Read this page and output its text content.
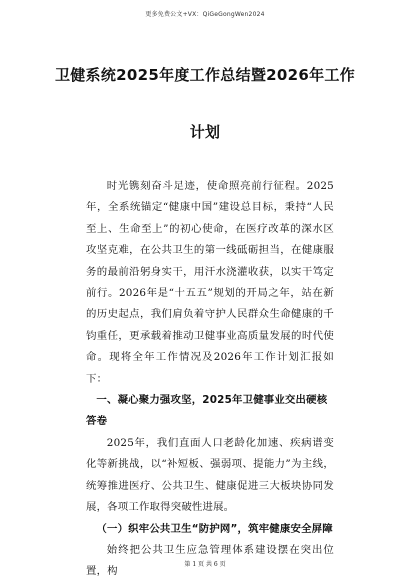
更多免费公文+VX：QiGeGongWen2024
卫健系统2025年度工作总结暨2026年工作
计划

时光镌刻奋斗足迹，使命照亮前行征程。2025年，全系统锚定“健康中国”建设总目标，秉持“人民至上、生命至上”的初心使命，在医疗改革的深水区攻坚克难，在公共卫生的第一线砥砺担当，在健康服务的最前沿躬身实干，用汗水浇灌收获，以实干笃定前行。2026年是“十五五”规划的开局之年，站在新的历史起点，我们肩负着守护人民群众生命健康的千钧重任，更承载着推动卫健事业高质量发展的时代使命。现将全年工作情况及2026年工作计划汇报如下：

一、凝心聚力强攻坚，2025年卫健事业交出硬核答卷

2025年，我们直面人口老龄化加速、疾病谱变化等新挑战，以“补短板、强弱项、提能力”为主线，统筹推进医疗、公共卫生、健康促进三大板块协同发展，各项工作取得突破性进展。

（一）织牢公共卫生“防护网”，筑牢健康安全屏障

始终把公共卫生应急管理体系建设摆在突出位置，构

第 1 页 共 6 页
